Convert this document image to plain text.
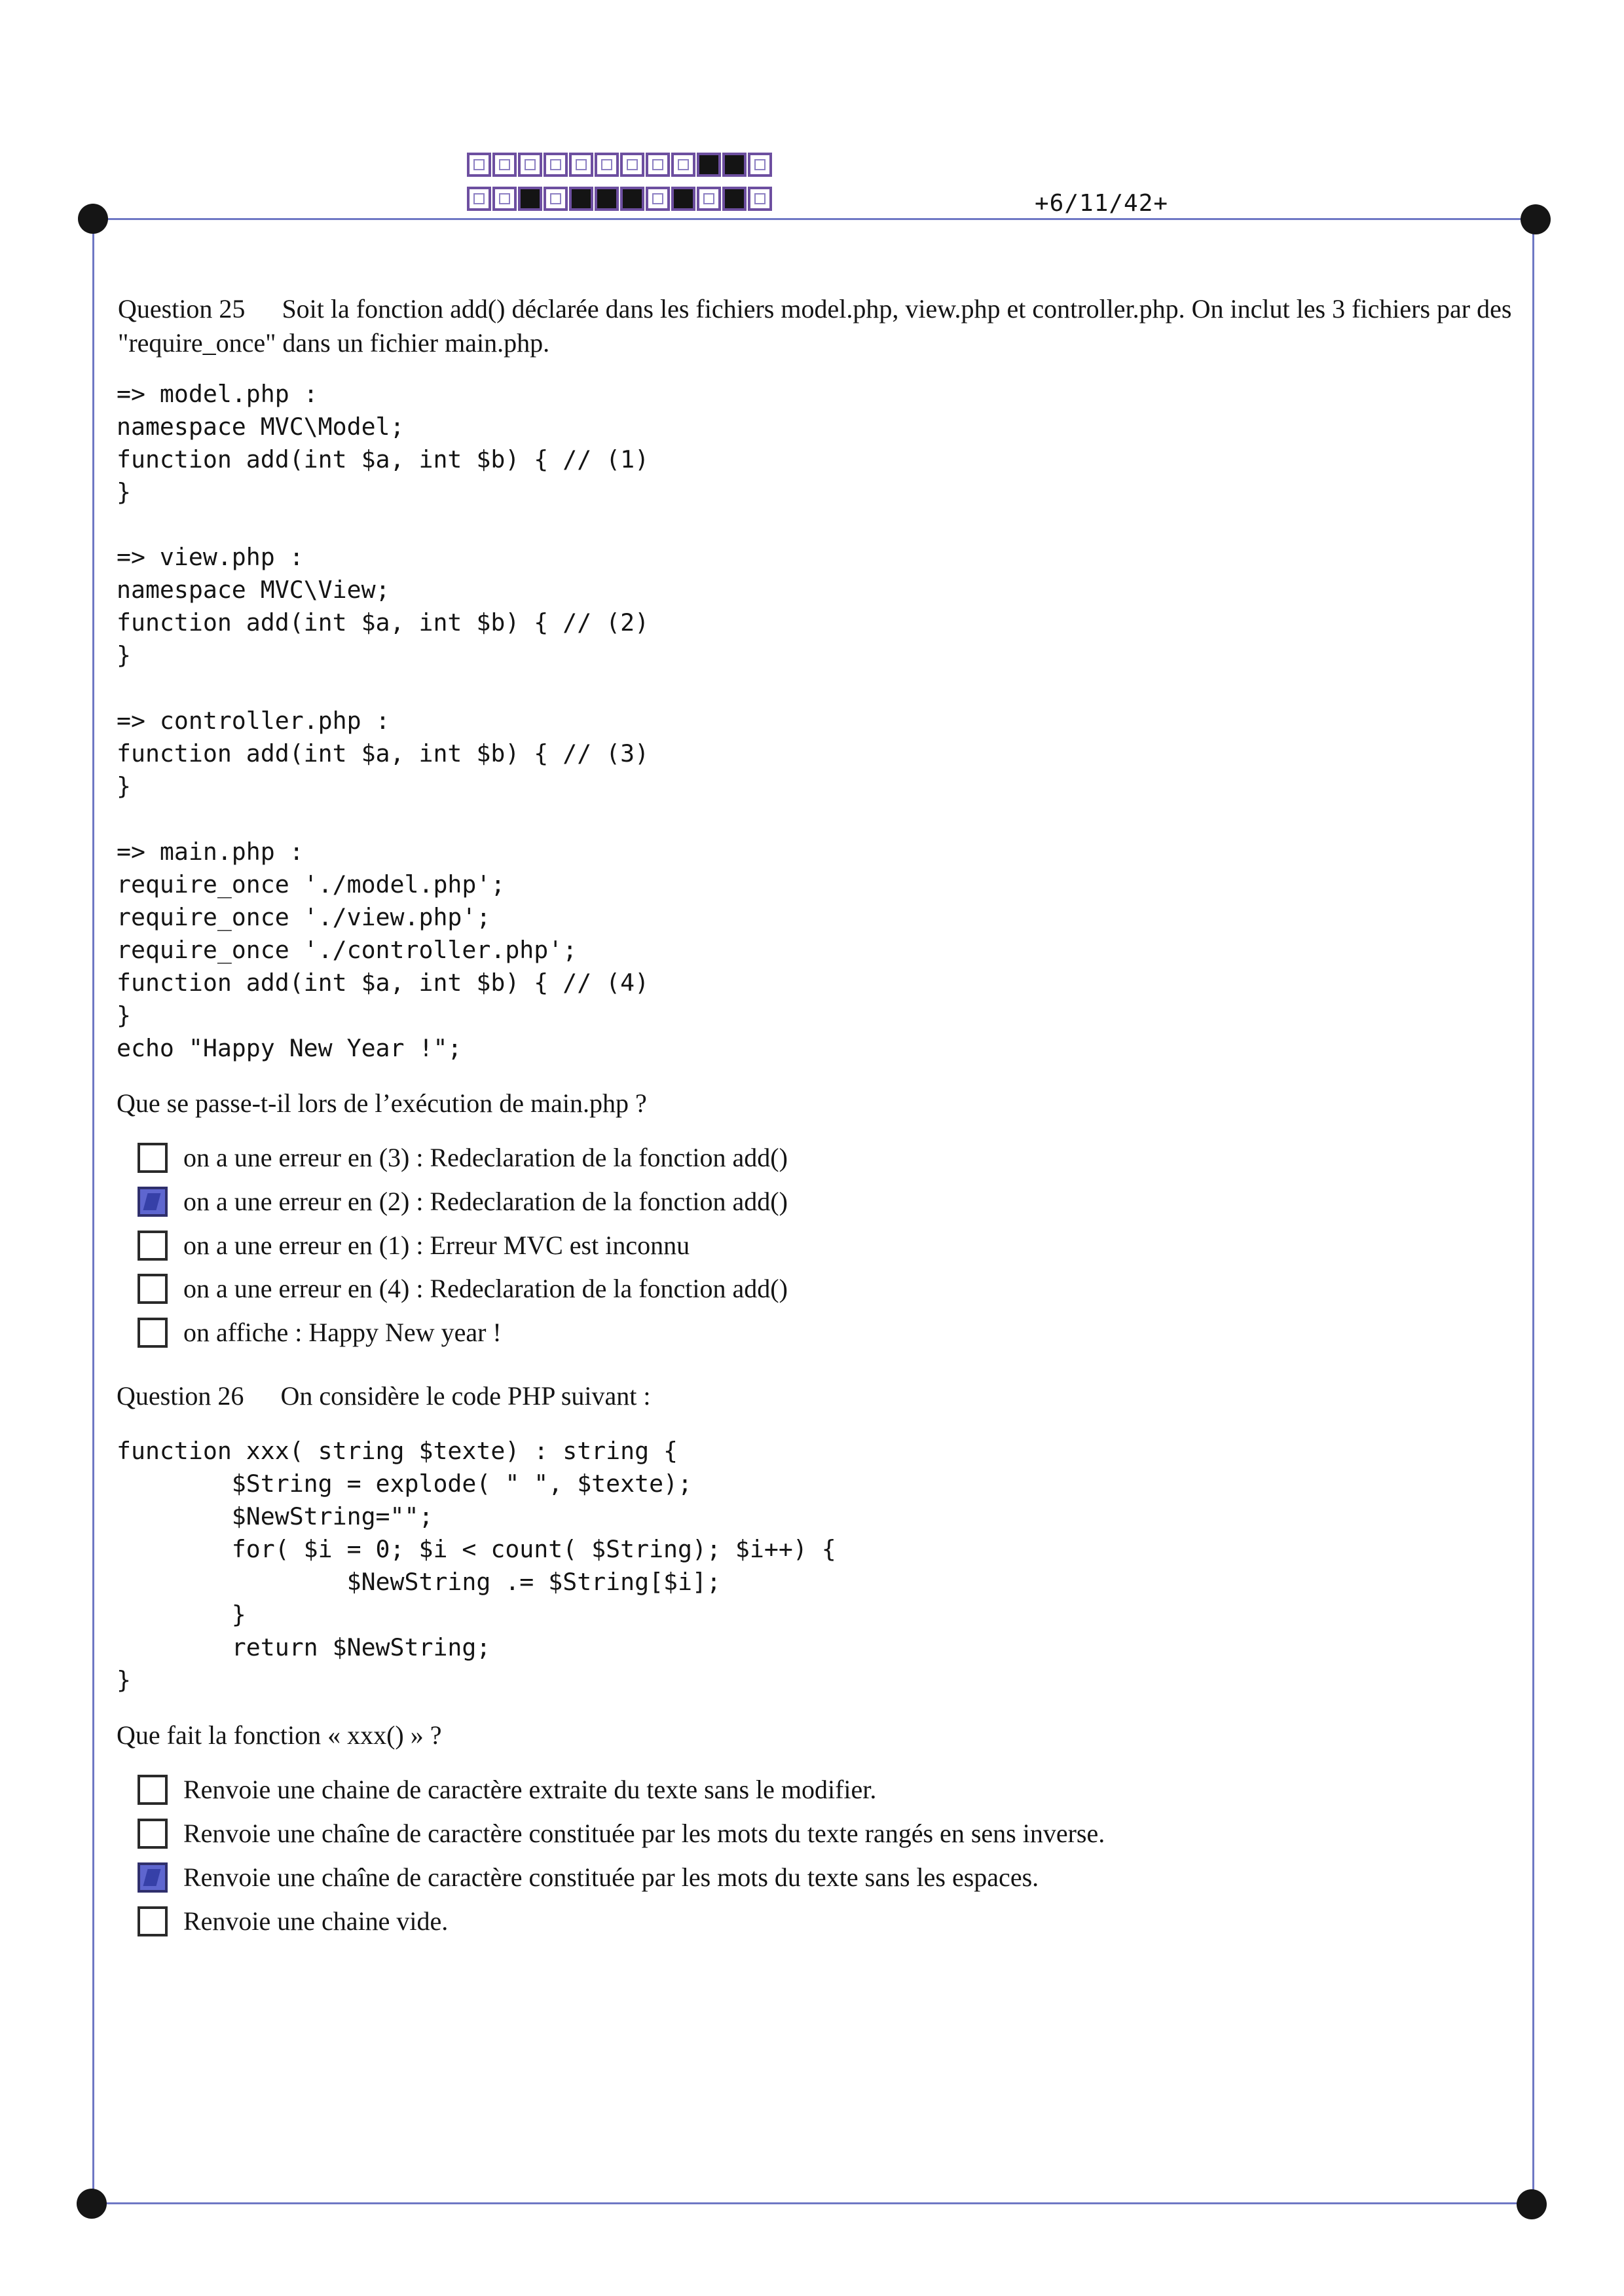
+6/11/42+
Question 25 Soit la fonction add() déclarée dans les fichiers model.php, view.php et controller.php. On inclut les 3 fichiers par des "require_once" dans un fichier main.php.
=> model.php :
namespace MVC\Model;
function add(int $a, int $b) { // (1)
}
=> view.php :
namespace MVC\View;
function add(int $a, int $b) { // (2)
}
=> controller.php :
function add(int $a, int $b) { // (3)
}
=> main.php :
require_once './model.php';
require_once './view.php';
require_once './controller.php';
function add(int $a, int $b) { // (4)
}
echo "Happy New Year !";
Que se passe-t-il lors de l’exécution de main.php ?
on a une erreur en (3) : Redeclaration de la fonction add()
on a une erreur en (2) : Redeclaration de la fonction add()
on a une erreur en (1) : Erreur MVC est inconnu
on a une erreur en (4) : Redeclaration de la fonction add()
on affiche : Happy New year !
Question 26 On considère le code PHP suivant :
function xxx( string $texte) : string {
$String = explode( " ", $texte);
$NewString="";
for( $i = 0; $i < count( $String); $i++) {
$NewString .= $String[$i];
}
return $NewString;
}
Que fait la fonction « xxx() » ?
Renvoie une chaine de caractère extraite du texte sans le modifier.
Renvoie une chaîne de caractère constituée par les mots du texte rangés en sens inverse.
Renvoie une chaîne de caractère constituée par les mots du texte sans les espaces.
Renvoie une chaine vide.
